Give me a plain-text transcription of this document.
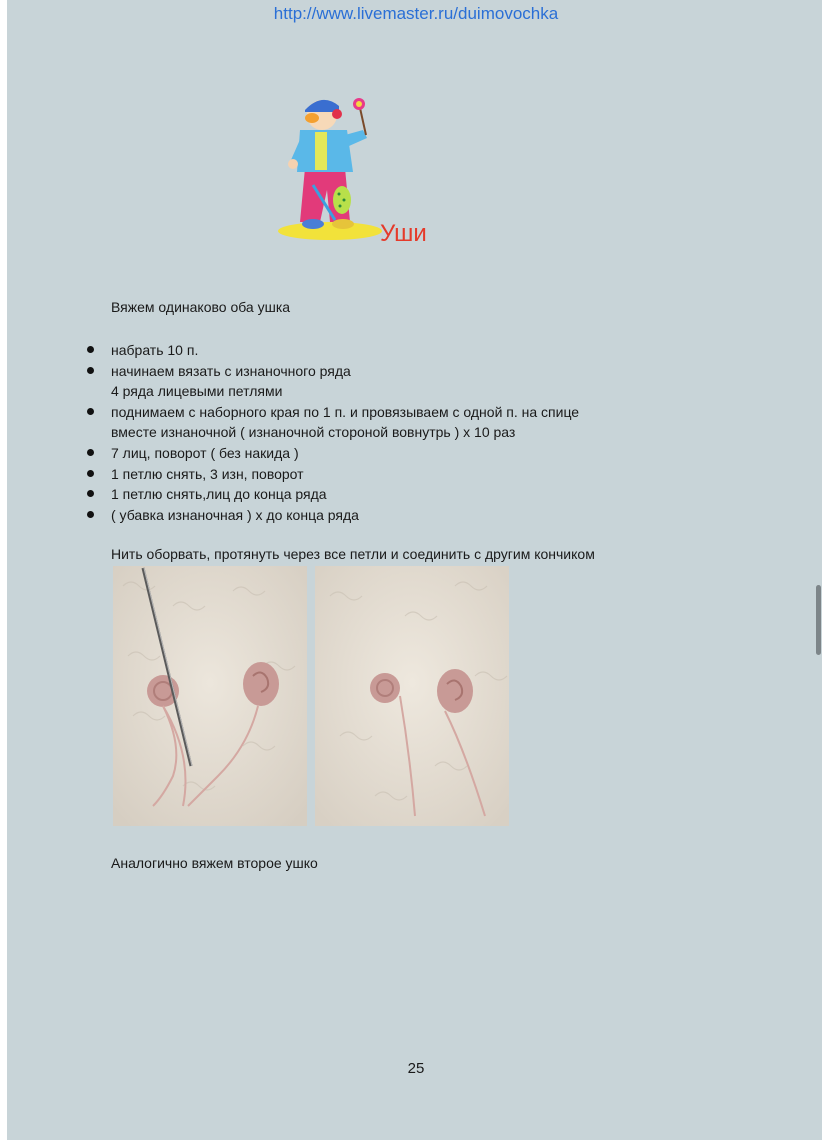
http://www.livemaster.ru/duimovochka
Уши
Вяжем одинаково оба ушка
набрать 10 п.
начинаем вязать с изнаночного ряда
4 ряда лицевыми петлями
поднимаем с наборного края по 1 п. и провязываем с одной п. на спице
вместе изнаночной ( изнаночной стороной вовнутрь ) х 10 раз
7 лиц, поворот ( без накида )
1 петлю снять, 3 изн, поворот
1 петлю снять,лиц до конца ряда
( убавка изнаночная ) х до конца ряда
Нить оборвать, протянуть через все петли и соединить с другим кончиком
Аналогично вяжем второе ушко
25
